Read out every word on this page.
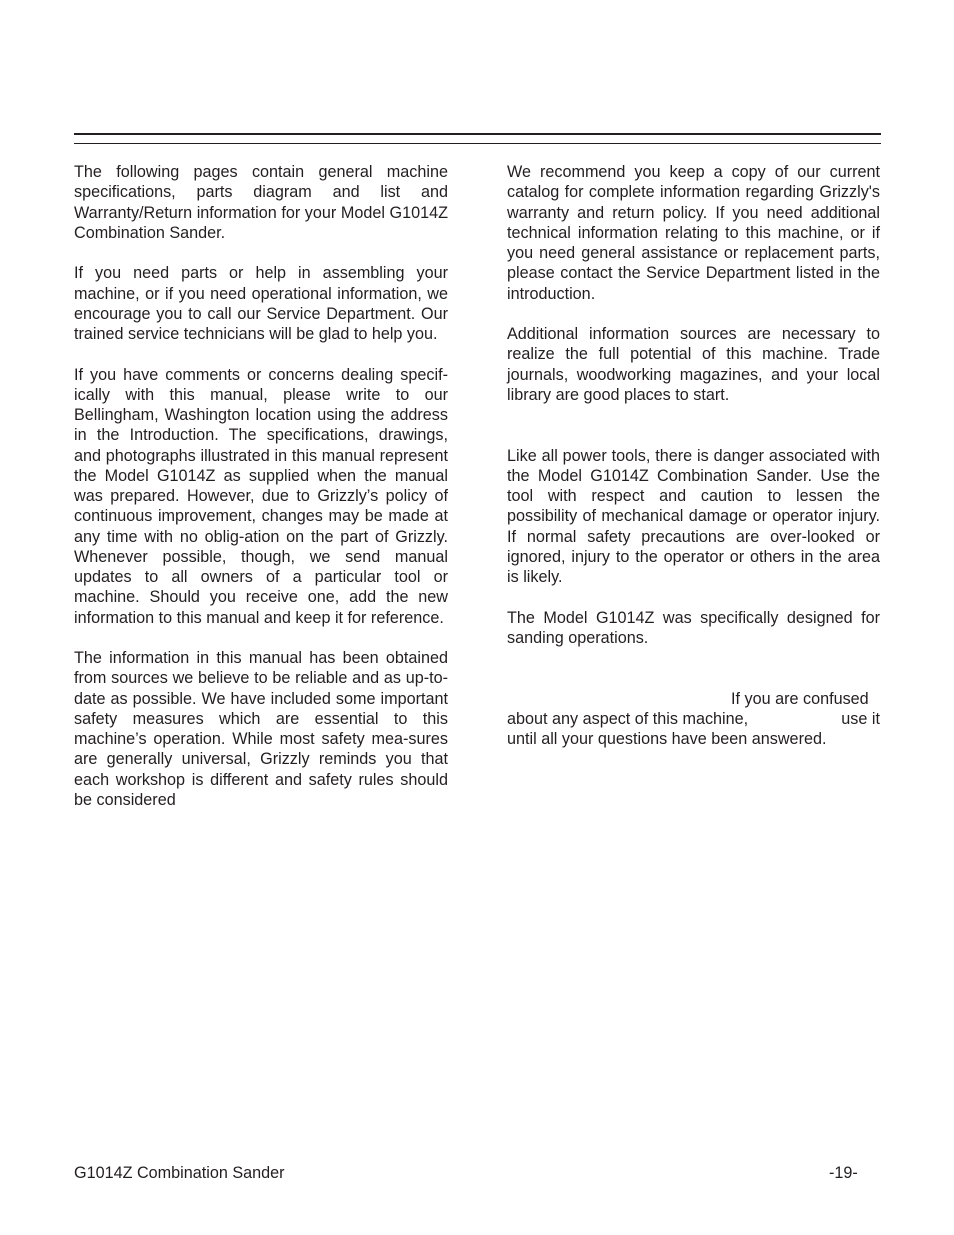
The following pages contain general machine specifications, parts diagram and list and Warranty/Return information for your Model G1014Z Combination Sander.

If you need parts or help in assembling your machine, or if you need operational information, we encourage you to call our Service Department. Our trained service technicians will be glad to help you.

If you have comments or concerns dealing specif-ically with this manual, please write to our Bellingham, Washington location using the address in the Introduction. The specifications, drawings, and photographs illustrated in this manual represent the Model G1014Z as supplied when the manual was prepared. However, due to Grizzly’s policy of continuous improvement, changes may be made at any time with no oblig-ation on the part of Grizzly. Whenever possible, though, we send manual updates to all owners of a particular tool or machine. Should you receive one, add the new information to this manual and keep it for reference.

The information in this manual has been obtained from sources we believe to be reliable and as up-to-date as possible. We have included some important safety measures which are essential to this machine’s operation. While most safety mea-sures are generally universal, Grizzly reminds you that each workshop is different and safety rules should be considered

We recommend you keep a copy of our current catalog for complete information regarding Grizzly's warranty and return policy. If you need additional technical information relating to this machine, or if you need general assistance or replacement parts, please contact the Service Department listed in the introduction.

Additional information sources are necessary to realize the full potential of this machine. Trade journals, woodworking magazines, and your local library are good places to start.

Like all power tools, there is danger associated with the Model G1014Z Combination Sander. Use the tool with respect and caution to lessen the possibility of mechanical damage or operator injury. If normal safety precautions are over-looked or ignored, injury to the operator or others in the area is likely.

The Model G1014Z was specifically designed for sanding operations.

If you are confused
about any aspect of this machine,	use it
until all your questions have been answered.

G1014Z Combination Sander	-19-
